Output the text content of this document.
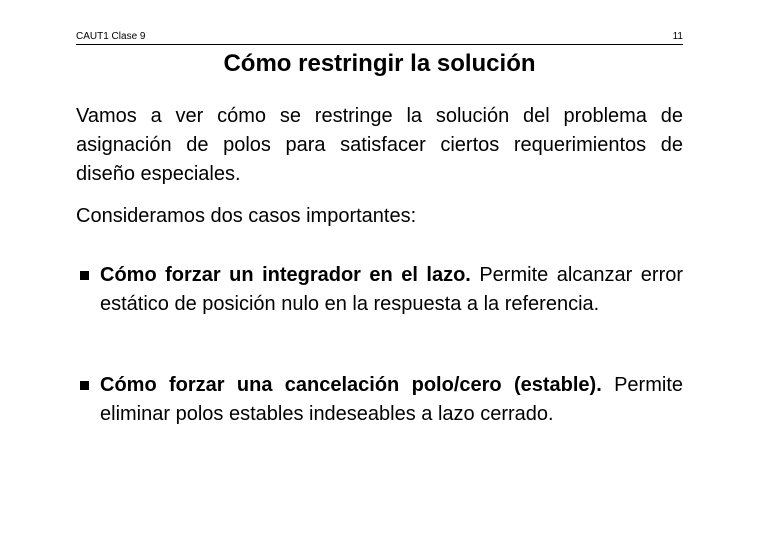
CAUT1 Clase 9	11
Cómo restringir la solución
Vamos a ver cómo se restringe la solución del problema de asignación de polos para satisfacer ciertos requerimientos de diseño especiales.
Consideramos dos casos importantes:
Cómo forzar un integrador en el lazo. Permite alcanzar error estático de posición nulo en la respuesta a la referencia.
Cómo forzar una cancelación polo/cero (estable). Permite eliminar polos estables indeseables a lazo cerrado.
